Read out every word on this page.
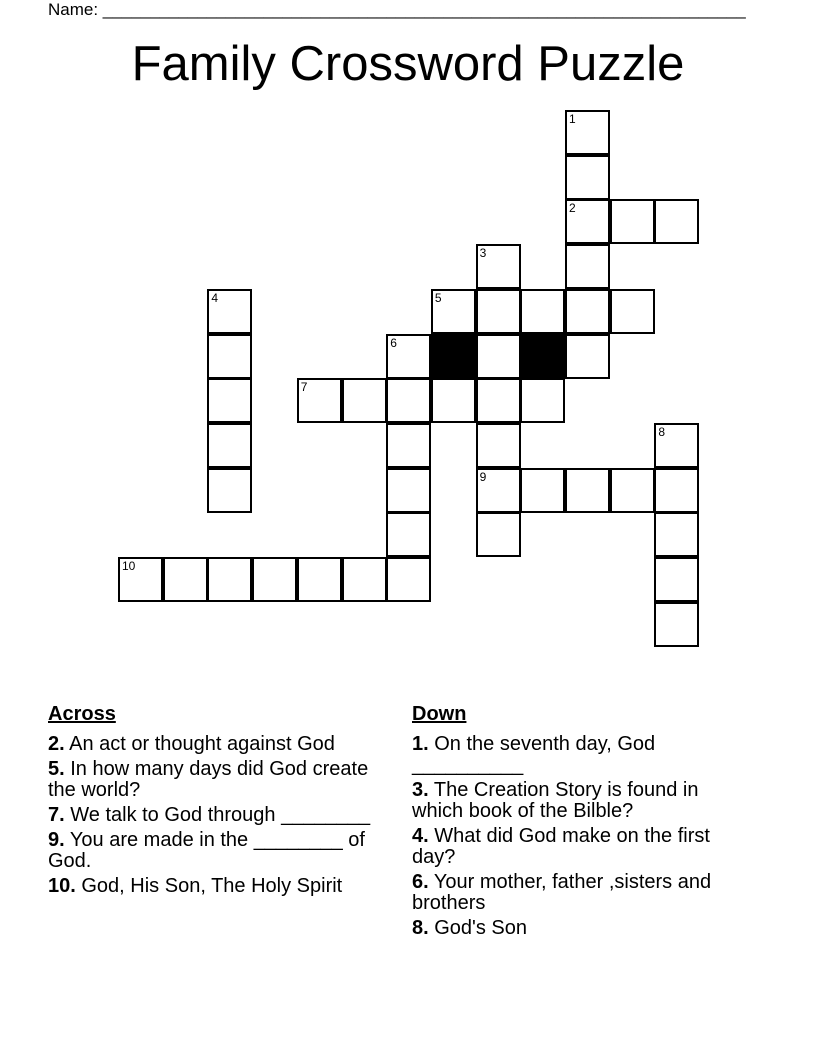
Name: ____________________________________________________________________
Family Crossword Puzzle
1
2
3
4	5
6
7
8
9
10
Across
2. An act or thought against God
5. In how many days did God create the world?
7. We talk to God through ________
9. You are made in the ________ of God.
10. God, His Son, The Holy Spirit
Down
1. On the seventh day, God __________
3. The Creation Story is found in which book of the Bilble?
4. What did God make on the first day?
6. Your mother, father ,sisters and brothers
8. God's Son
